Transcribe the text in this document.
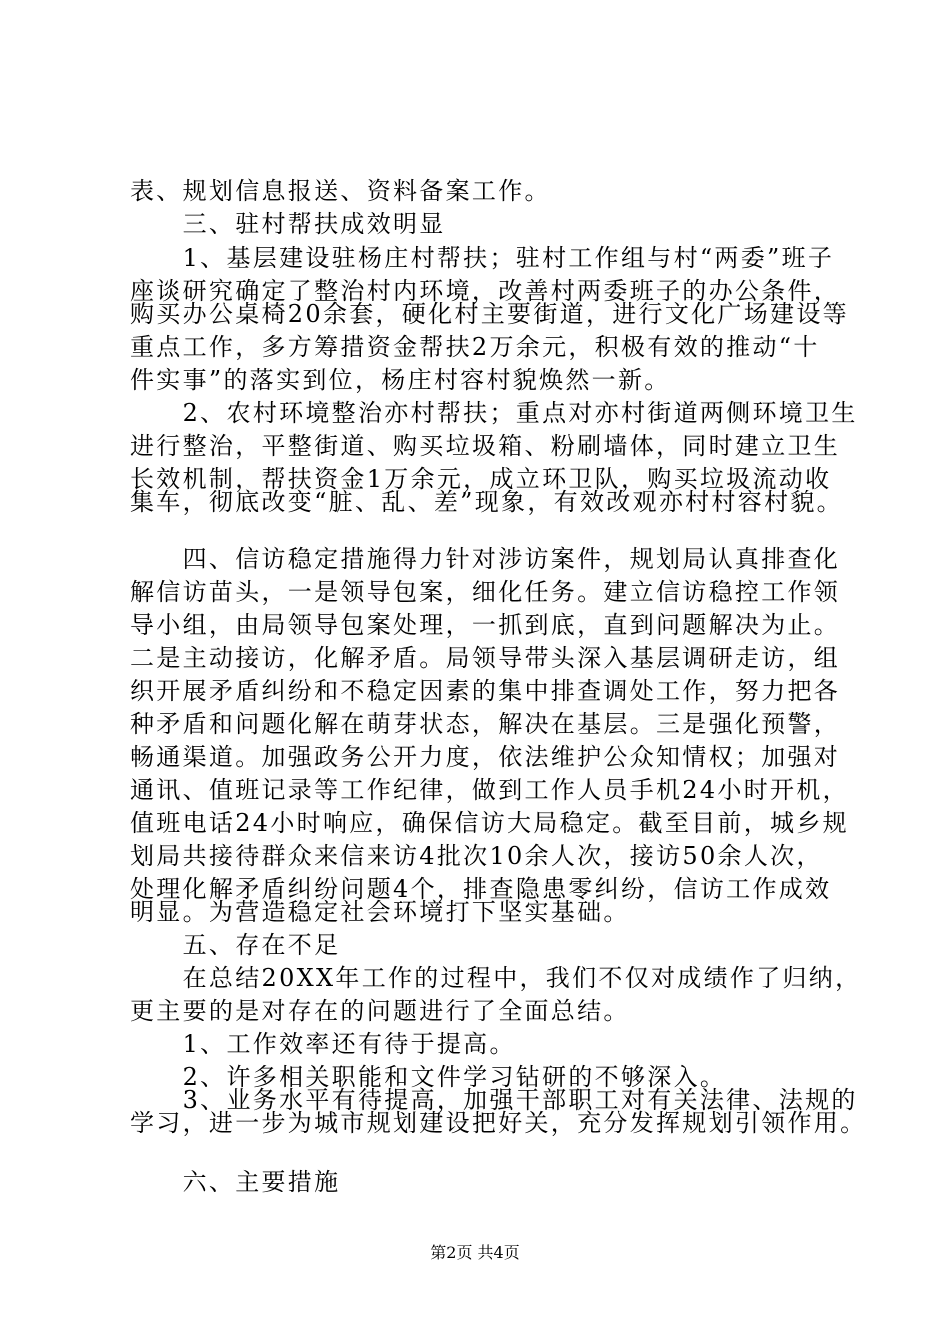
表、规划信息报送、资料备案工作。
　　三、驻村帮扶成效明显
　　1、基层建设驻杨庄村帮扶；驻村工作组与村“两委”班子
座谈研究确定了整治村内环境，改善村两委班子的办公条件，
购买办公桌椅20余套，硬化村主要街道，进行文化广场建设等
重点工作，多方筹措资金帮扶2万余元，积极有效的推动“十
件实事”的落实到位，杨庄村容村貌焕然一新。
　　2、农村环境整治亦村帮扶；重点对亦村街道两侧环境卫生
进行整治，平整街道、购买垃圾箱、粉刷墙体，同时建立卫生
长效机制，帮扶资金1万余元，成立环卫队，购买垃圾流动收
集车，彻底改变“脏、乱、差”现象，有效改观亦村村容村貌。
　　四、信访稳定措施得力针对涉访案件，规划局认真排查化
解信访苗头，一是领导包案，细化任务。建立信访稳控工作领
导小组，由局领导包案处理，一抓到底，直到问题解决为止。
二是主动接访，化解矛盾。局领导带头深入基层调研走访，组
织开展矛盾纠纷和不稳定因素的集中排查调处工作，努力把各
种矛盾和问题化解在萌芽状态，解决在基层。三是强化预警，
畅通渠道。加强政务公开力度，依法维护公众知情权；加强对
通讯、值班记录等工作纪律，做到工作人员手机24小时开机，
值班电话24小时响应，确保信访大局稳定。截至目前，城乡规
划局共接待群众来信来访4批次10余人次，接访50余人次，
处理化解矛盾纠纷问题4个，排查隐患零纠纷，信访工作成效
明显。为营造稳定社会环境打下坚实基础。
　　五、存在不足
　　在总结20XX年工作的过程中，我们不仅对成绩作了归纳，
更主要的是对存在的问题进行了全面总结。
　　1、工作效率还有待于提高。
　　2、许多相关职能和文件学习钻研的不够深入。
　　3、业务水平有待提高，加强干部职工对有关法律、法规的
学习，进一步为城市规划建设把好关，充分发挥规划引领作用。
　　六、主要措施
第2页 共4页
